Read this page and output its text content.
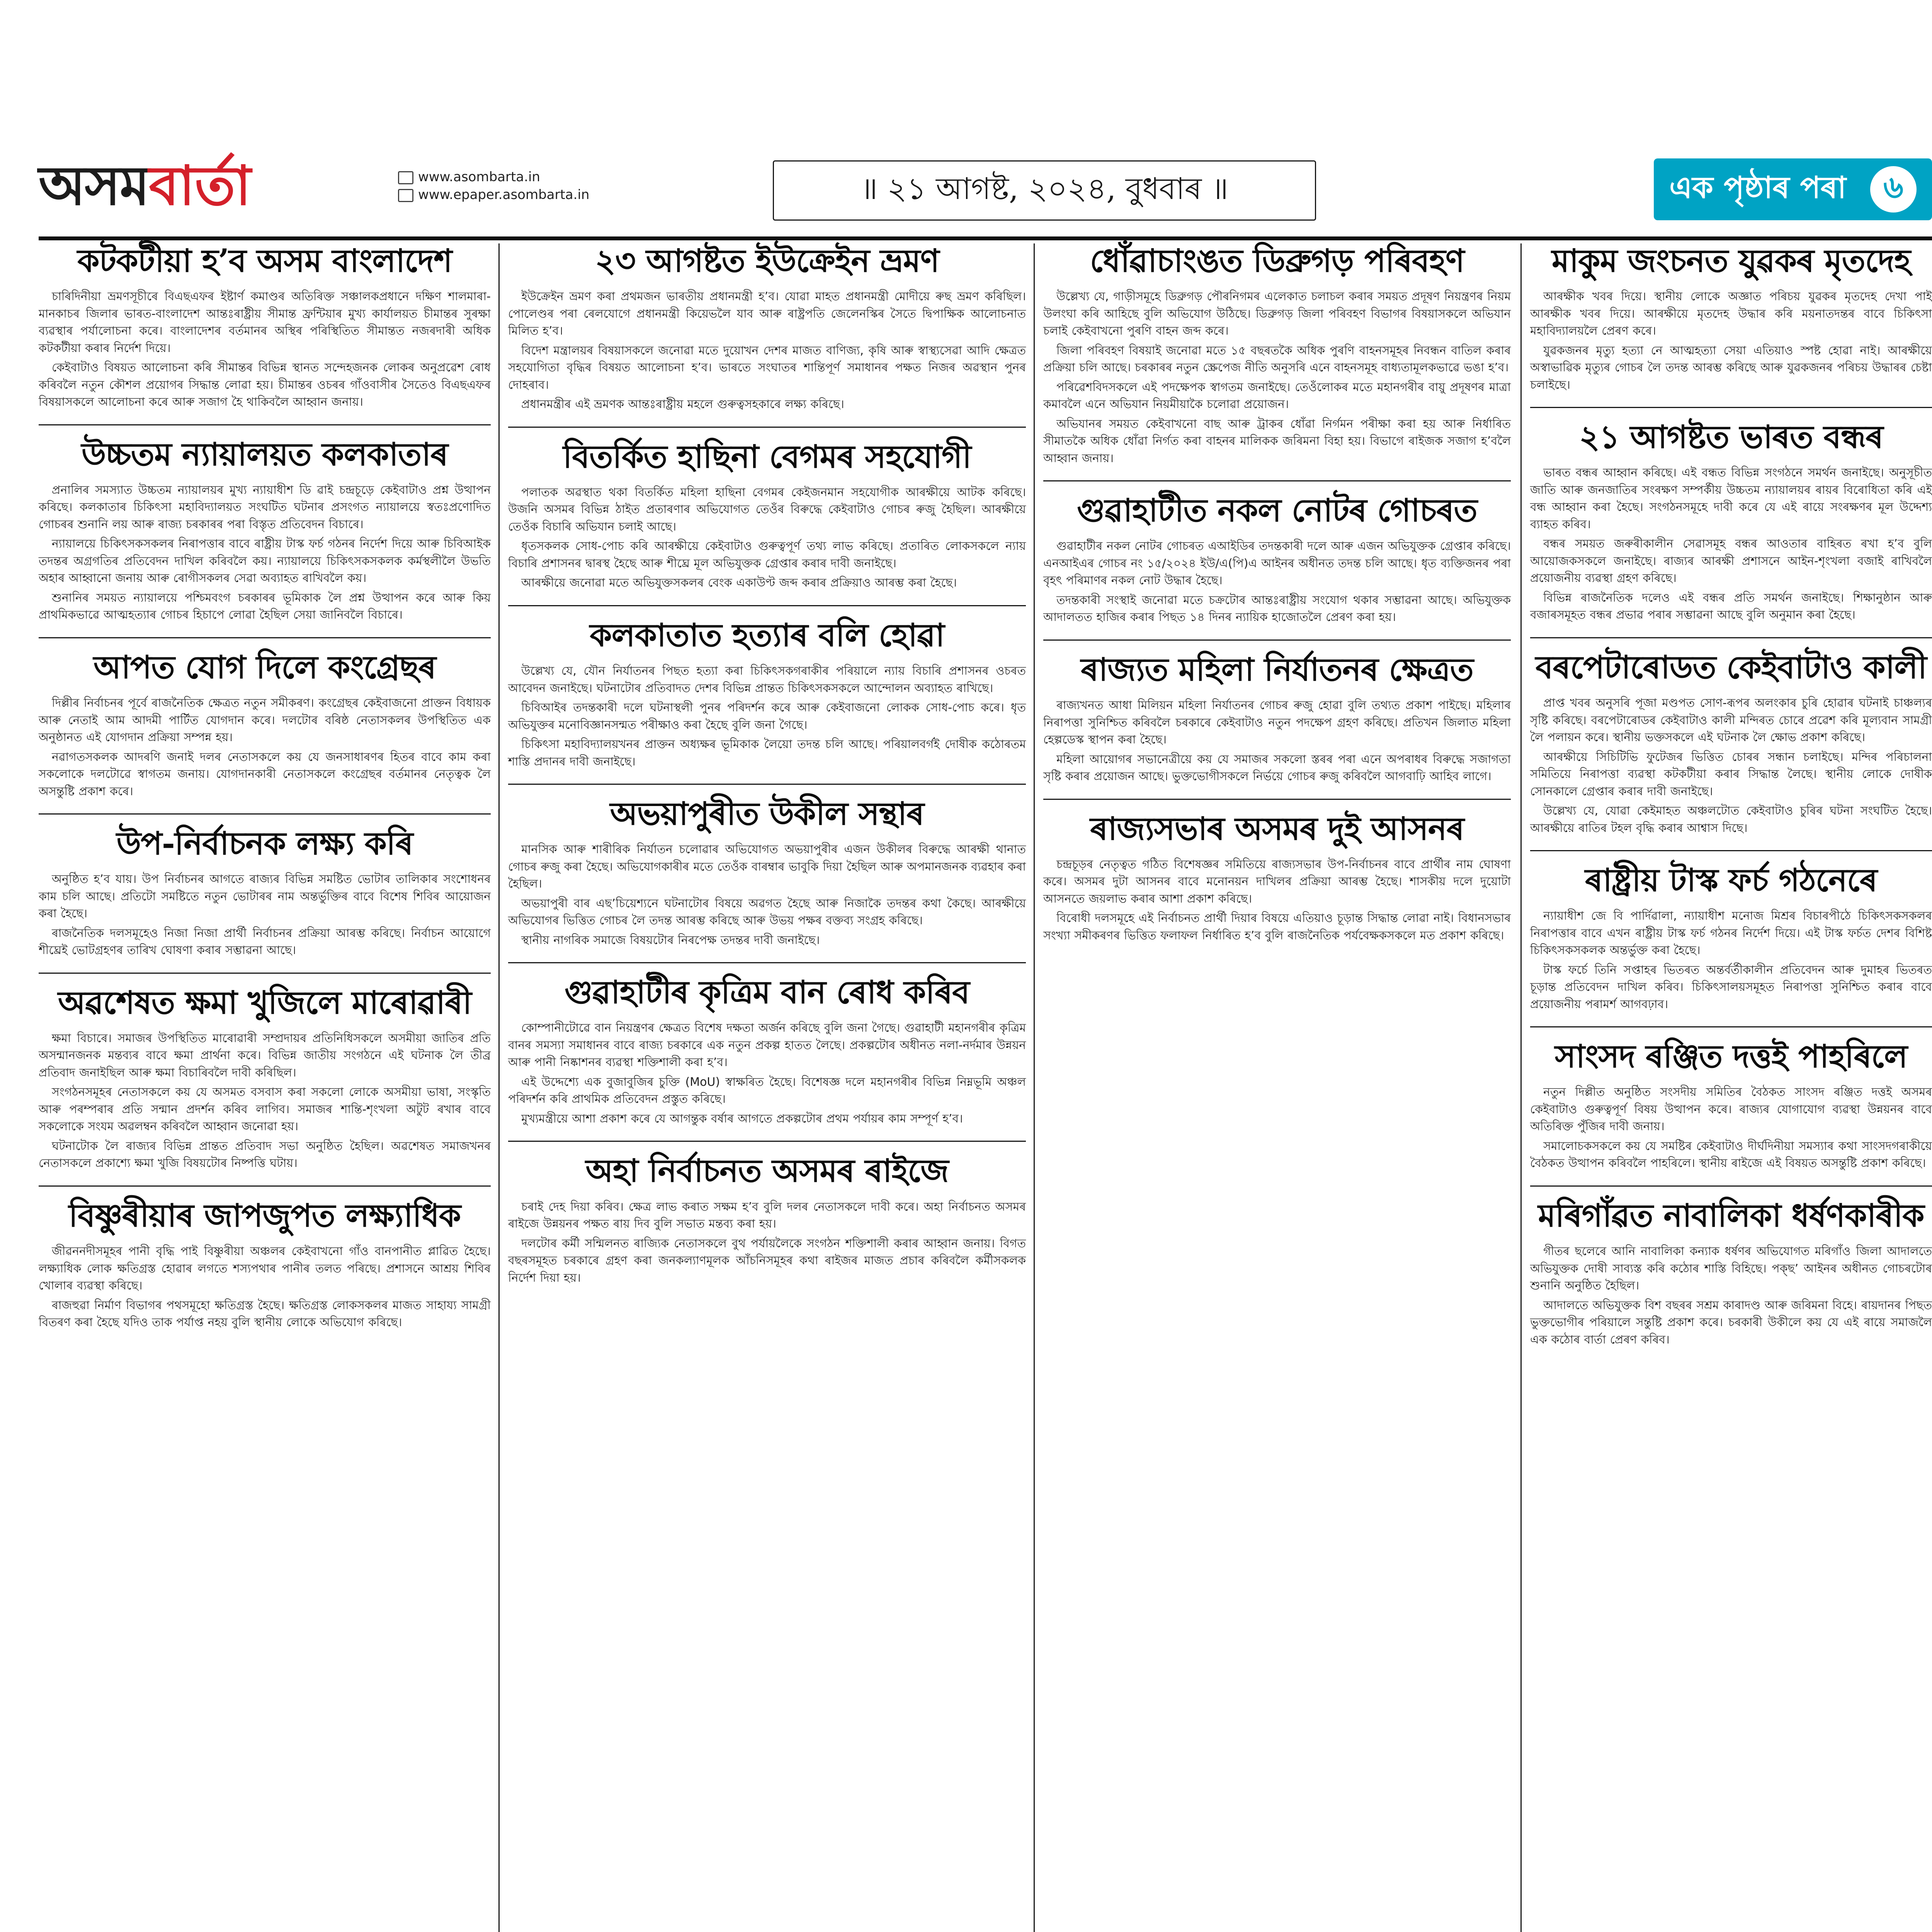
অসম বার্তা	www.asombarta.in
www.epaper.asombarta.in	॥ ২১ আগষ্ট, ২০২৪, বুধবাৰ ॥	এক পৃষ্ঠাৰ পৰা	৬
কটকটীয়া হ’ব অসম বাংলাদেশ

চাৰিদিনীয়া ভ্ৰমণসূচীৰে বিএছএফৰ ইষ্টাৰ্ণ কমাণ্ডৰ অতিৰিক্ত সঞ্চালকপ্ৰধানে দক্ষিণ শালমাৰা-মানকাচৰ জিলাৰ ভাৰত-বাংলাদেশ আন্তঃৰাষ্ট্ৰীয় সীমান্ত ফ্ৰন্টিয়াৰ মুখ্য কাৰ্যালয়ত চীমান্তৰ সুৰক্ষা ব্যৱস্থাৰ পৰ্যালোচনা কৰে। বাংলাদেশৰ বৰ্তমানৰ অস্থিৰ পৰিস্থিতিত সীমান্তত নজৰদাৰী অধিক কটকটীয়া কৰাৰ নিৰ্দেশ দিয়ে।

কেইবাটাও বিষয়ত আলোচনা কৰি সীমান্তৰ বিভিন্ন স্থানত সন্দেহজনক লোকৰ অনুপ্ৰৱেশ ৰোধ কৰিবলৈ নতুন কৌশল প্ৰয়োগৰ সিদ্ধান্ত লোৱা হয়। চীমান্তৰ ওচৰৰ গাঁওবাসীৰ সৈতেও বিএছএফৰ বিষয়াসকলে আলোচনা কৰে আৰু সজাগ হৈ থাকিবলৈ আহ্বান জনায়।

উচ্চতম ন্যায়ালয়ত কলকাতাৰ

প্ৰনালিৰ সমস্যাত উচ্চতম ন্যায়ালয়ৰ মুখ্য ন্যায়াধীশ ডি ৱাই চন্দ্ৰচূড়ে কেইবাটাও প্ৰশ্ন উত্থাপন কৰিছে। কলকাতাৰ চিকিৎসা মহাবিদ্যালয়ত সংঘটিত ঘটনাৰ প্ৰসংগত ন্যায়ালয়ে স্বতঃপ্ৰণোদিত গোচৰৰ শুনানি লয় আৰু ৰাজ্য চৰকাৰৰ পৰা বিস্তৃত প্ৰতিবেদন বিচাৰে।

ন্যায়ালয়ে চিকিৎসকসকলৰ নিৰাপত্তাৰ বাবে ৰাষ্ট্ৰীয় টাস্ক ফৰ্চ গঠনৰ নিৰ্দেশ দিয়ে আৰু চিবিআইক তদন্তৰ অগ্ৰগতিৰ প্ৰতিবেদন দাখিল কৰিবলৈ কয়। ন্যায়ালয়ে চিকিৎসকসকলক কৰ্মস্থলীলৈ উভতি অহাৰ আহ্বানো জনায় আৰু ৰোগীসকলৰ সেৱা অব্যাহত ৰাখিবলৈ কয়।

শুনানিৰ সময়ত ন্যায়ালয়ে পশ্চিমবংগ চৰকাৰৰ ভূমিকাক লৈ প্ৰশ্ন উত্থাপন কৰে আৰু কিয় প্ৰাথমিকভাৱে আত্মহত্যাৰ গোচৰ হিচাপে লোৱা হৈছিল সেয়া জানিবলৈ বিচাৰে।

আপত যোগ দিলে কংগ্ৰেছৰ

দিল্লীৰ নিৰ্বাচনৰ পূৰ্বে ৰাজনৈতিক ক্ষেত্ৰত নতুন সমীকৰণ। কংগ্ৰেছৰ কেইবাজনো প্ৰাক্তন বিধায়ক আৰু নেতাই আম আদমী পাৰ্টিত যোগদান কৰে। দলটোৰ বৰিষ্ঠ নেতাসকলৰ উপস্থিতিত এক অনুষ্ঠানত এই যোগদান প্ৰক্ৰিয়া সম্পন্ন হয়।

নৱাগতসকলক আদৰণি জনাই দলৰ নেতাসকলে কয় যে জনসাধাৰণৰ হিতৰ বাবে কাম কৰা সকলোকে দলটোৱে স্বাগতম জনায়। যোগদানকাৰী নেতাসকলে কংগ্ৰেছৰ বৰ্তমানৰ নেতৃত্বক লৈ অসন্তুষ্টি প্ৰকাশ কৰে।

উপ-নিৰ্বাচনক লক্ষ্য কৰি

অনুষ্ঠিত হ’ব যায়। উপ নিৰ্বাচনৰ আগতে ৰাজ্যৰ বিভিন্ন সমষ্টিত ভোটাৰ তালিকাৰ সংশোধনৰ কাম চলি আছে। প্ৰতিটো সমষ্টিতে নতুন ভোটাৰৰ নাম অন্তৰ্ভুক্তিৰ বাবে বিশেষ শিবিৰ আয়োজন কৰা হৈছে।

ৰাজনৈতিক দলসমূহেও নিজা নিজা প্ৰাৰ্থী নিৰ্বাচনৰ প্ৰক্ৰিয়া আৰম্ভ কৰিছে। নিৰ্বাচন আয়োগে শীঘ্ৰেই ভোটগ্ৰহণৰ তাৰিখ ঘোষণা কৰাৰ সম্ভাৱনা আছে।

অৱশেষত ক্ষমা খুজিলে মাৰোৱাৰী

ক্ষমা বিচাৰে। সমাজৰ উপস্থিতিত মাৰোৱাৰী সম্প্ৰদায়ৰ প্ৰতিনিধিসকলে অসমীয়া জাতিৰ প্ৰতি অসন্মানজনক মন্তব্যৰ বাবে ক্ষমা প্ৰাৰ্থনা কৰে। বিভিন্ন জাতীয় সংগঠনে এই ঘটনাক লৈ তীব্ৰ প্ৰতিবাদ জনাইছিল আৰু ক্ষমা বিচাৰিবলৈ দাবী কৰিছিল।

সংগঠনসমূহৰ নেতাসকলে কয় যে অসমত বসবাস কৰা সকলো লোকে অসমীয়া ভাষা, সংস্কৃতি আৰু পৰম্পৰাৰ প্ৰতি সন্মান প্ৰদৰ্শন কৰিব লাগিব। সমাজৰ শান্তি-শৃংখলা অটুট ৰখাৰ বাবে সকলোকে সংযম অৱলম্বন কৰিবলৈ আহ্বান জনোৱা হয়।

ঘটনাটোক লৈ ৰাজ্যৰ বিভিন্ন প্ৰান্তত প্ৰতিবাদ সভা অনুষ্ঠিত হৈছিল। অৱশেষত সমাজখনৰ নেতাসকলে প্ৰকাশ্যে ক্ষমা খুজি বিষয়টোৰ নিষ্পত্তি ঘটায়।

বিষ্ণুৰীয়াৰ জাপজুপত লক্ষ্যাধিক

জীৱননদীসমূহৰ পানী বৃদ্ধি পাই বিষ্ণুৰীয়া অঞ্চলৰ কেইবাখনো গাঁও বানপানীত প্লাৱিত হৈছে। লক্ষ্যাধিক লোক ক্ষতিগ্ৰস্ত হোৱাৰ লগতে শস্যপথাৰ পানীৰ তলত পৰিছে। প্ৰশাসনে আশ্ৰয় শিবিৰ খোলাৰ ব্যৱস্থা কৰিছে।

ৰাজহুৱা নিৰ্মাণ বিভাগৰ পথসমূহো ক্ষতিগ্ৰস্ত হৈছে। ক্ষতিগ্ৰস্ত লোকসকলৰ মাজত সাহায্য সামগ্ৰী বিতৰণ কৰা হৈছে যদিও তাক পৰ্যাপ্ত নহয় বুলি স্থানীয় লোকে অভিযোগ কৰিছে।

২৩ আগষ্টত ইউক্ৰেইন ভ্ৰমণ

ইউক্ৰেইন ভ্ৰমণ কৰা প্ৰথমজন ভাৰতীয় প্ৰধানমন্ত্ৰী হ’ব। যোৱা মাহত প্ৰধানমন্ত্ৰী মোদীয়ে ৰুছ ভ্ৰমণ কৰিছিল। পোলেণ্ডৰ পৰা ৰেলযোগে প্ৰধানমন্ত্ৰী কিয়েভলৈ যাব আৰু ৰাষ্ট্ৰপতি জেলেনস্কিৰ সৈতে দ্বিপাক্ষিক আলোচনাত মিলিত হ’ব।

বিদেশ মন্ত্ৰালয়ৰ বিষয়াসকলে জনোৱা মতে দুয়োখন দেশৰ মাজত বাণিজ্য, কৃষি আৰু স্বাস্থ্যসেৱা আদি ক্ষেত্ৰত সহযোগিতা বৃদ্ধিৰ বিষয়ত আলোচনা হ’ব। ভাৰতে সংঘাতৰ শান্তিপূৰ্ণ সমাধানৰ পক্ষত নিজৰ অৱস্থান পুনৰ দোহৰাব।

প্ৰধানমন্ত্ৰীৰ এই ভ্ৰমণক আন্তঃৰাষ্ট্ৰীয় মহলে গুৰুত্বসহকাৰে লক্ষ্য কৰিছে।

বিতৰ্কিত হাছিনা বেগমৰ সহযোগী

পলাতক অৱস্থাত থকা বিতৰ্কিত মহিলা হাছিনা বেগমৰ কেইজনমান সহযোগীক আৰক্ষীয়ে আটক কৰিছে। উজনি অসমৰ বিভিন্ন ঠাইত প্ৰতাৰণাৰ অভিযোগত তেওঁৰ বিৰুদ্ধে কেইবাটাও গোচৰ ৰুজু হৈছিল। আৰক্ষীয়ে তেওঁক বিচাৰি অভিযান চলাই আছে।

ধৃতসকলক সোধ-পোচ কৰি আৰক্ষীয়ে কেইবাটাও গুৰুত্বপূৰ্ণ তথ্য লাভ কৰিছে। প্ৰতাৰিত লোকসকলে ন্যায় বিচাৰি প্ৰশাসনৰ দ্বাৰস্থ হৈছে আৰু শীঘ্ৰে মূল অভিযুক্তক গ্ৰেপ্তাৰ কৰাৰ দাবী জনাইছে।

আৰক্ষীয়ে জনোৱা মতে অভিযুক্তসকলৰ বেংক একাউণ্ট জব্দ কৰাৰ প্ৰক্ৰিয়াও আৰম্ভ কৰা হৈছে।

কলকাতাত হত্যাৰ বলি হোৱা

উল্লেখ্য যে, যৌন নিৰ্যাতনৰ পিছত হত্যা কৰা চিকিৎসকগৰাকীৰ পৰিয়ালে ন্যায় বিচাৰি প্ৰশাসনৰ ওচৰত আবেদন জনাইছে। ঘটনাটোৰ প্ৰতিবাদত দেশৰ বিভিন্ন প্ৰান্তত চিকিৎসকসকলে আন্দোলন অব্যাহত ৰাখিছে।

চিবিআইৰ তদন্তকাৰী দলে ঘটনাস্থলী পুনৰ পৰিদৰ্শন কৰে আৰু কেইবাজনো লোকক সোধ-পোচ কৰে। ধৃত অভিযুক্তৰ মনোবিজ্ঞানসন্মত পৰীক্ষাও কৰা হৈছে বুলি জনা গৈছে।

চিকিৎসা মহাবিদ্যালয়খনৰ প্ৰাক্তন অধ্যক্ষৰ ভূমিকাক লৈয়ো তদন্ত চলি আছে। পৰিয়ালবৰ্গই দোষীক কঠোৰতম শাস্তি প্ৰদানৰ দাবী জনাইছে।

অভয়াপুৰীত উকীল সন্থাৰ

মানসিক আৰু শাৰীৰিক নিৰ্যাতন চলোৱাৰ অভিযোগত অভয়াপুৰীৰ এজন উকীলৰ বিৰুদ্ধে আৰক্ষী থানাত গোচৰ ৰুজু কৰা হৈছে। অভিযোগকাৰীৰ মতে তেওঁক বাৰম্বাৰ ভাবুকি দিয়া হৈছিল আৰু অপমানজনক ব্যৱহাৰ কৰা হৈছিল।

অভয়াপুৰী বাৰ এছ’চিয়েশ্যনে ঘটনাটোৰ বিষয়ে অৱগত হৈছে আৰু নিজাকৈ তদন্তৰ কথা কৈছে। আৰক্ষীয়ে অভিযোগৰ ভিত্তিত গোচৰ লৈ তদন্ত আৰম্ভ কৰিছে আৰু উভয় পক্ষৰ বক্তব্য সংগ্ৰহ কৰিছে।

স্থানীয় নাগৰিক সমাজে বিষয়টোৰ নিৰপেক্ষ তদন্তৰ দাবী জনাইছে।

গুৱাহাটীৰ কৃত্ৰিম বান ৰোধ কৰিব

কোম্পানীটোৱে বান নিয়ন্ত্ৰণৰ ক্ষেত্ৰত বিশেষ দক্ষতা অৰ্জন কৰিছে বুলি জনা গৈছে। গুৱাহাটী মহানগৰীৰ কৃত্ৰিম বানৰ সমস্যা সমাধানৰ বাবে ৰাজ্য চৰকাৰে এক নতুন প্ৰকল্প হাতত লৈছে। প্ৰকল্পটোৰ অধীনত নলা-নৰ্দমাৰ উন্নয়ন আৰু পানী নিষ্কাশনৰ ব্যৱস্থা শক্তিশালী কৰা হ’ব।

এই উদ্দেশ্যে এক বুজাবুজিৰ চুক্তি (MoU) স্বাক্ষৰিত হৈছে। বিশেষজ্ঞ দলে মহানগৰীৰ বিভিন্ন নিম্নভূমি অঞ্চল পৰিদৰ্শন কৰি প্ৰাথমিক প্ৰতিবেদন প্ৰস্তুত কৰিছে।

মুখ্যমন্ত্ৰীয়ে আশা প্ৰকাশ কৰে যে আগন্তুক বৰ্ষাৰ আগতে প্ৰকল্পটোৰ প্ৰথম পৰ্যায়ৰ কাম সম্পূৰ্ণ হ’ব।

অহা নিৰ্বাচনত অসমৰ ৰাইজে

চৰাই দেহ দিয়া কৰিব। ক্ষেত্ৰ লাভ কৰাত সক্ষম হ’ব বুলি দলৰ নেতাসকলে দাবী কৰে। অহা নিৰ্বাচনত অসমৰ ৰাইজে উন্নয়নৰ পক্ষত ৰায় দিব বুলি সভাত মন্তব্য কৰা হয়।

দলটোৰ কৰ্মী সন্মিলনত ৰাজ্যিক নেতাসকলে বুথ পৰ্যায়লৈকে সংগঠন শক্তিশালী কৰাৰ আহ্বান জনায়। বিগত বছৰসমূহত চৰকাৰে গ্ৰহণ কৰা জনকল্যাণমূলক আঁচনিসমূহৰ কথা ৰাইজৰ মাজত প্ৰচাৰ কৰিবলৈ কৰ্মীসকলক নিৰ্দেশ দিয়া হয়।

ধোঁৱাচাংঙত ডিব্ৰুগড় পৰিবহণ

উল্লেখ্য যে, গাড়ীসমূহে ডিব্ৰুগড় পৌৰনিগমৰ এলেকাত চলাচল কৰাৰ সময়ত প্ৰদূষণ নিয়ন্ত্ৰণৰ নিয়ম উলংঘা কৰি আহিছে বুলি অভিযোগ উঠিছে। ডিব্ৰুগড় জিলা পৰিবহণ বিভাগৰ বিষয়াসকলে অভিযান চলাই কেইবাখনো পুৰণি বাহন জব্দ কৰে।

জিলা পৰিবহণ বিষয়াই জনোৱা মতে ১৫ বছৰতকৈ অধিক পুৰণি বাহনসমূহৰ নিবন্ধন বাতিল কৰাৰ প্ৰক্ৰিয়া চলি আছে। চৰকাৰৰ নতুন স্ক্ৰেপেজ নীতি অনুসৰি এনে বাহনসমূহ বাধ্যতামূলকভাৱে ভঙা হ’ব।

পৰিৱেশবিদসকলে এই পদক্ষেপক স্বাগতম জনাইছে। তেওঁলোকৰ মতে মহানগৰীৰ বায়ু প্ৰদূষণৰ মাত্ৰা কমাবলৈ এনে অভিযান নিয়মীয়াকৈ চলোৱা প্ৰয়োজন।

অভিযানৰ সময়ত কেইবাখনো বাছ আৰু ট্ৰাকৰ ধোঁৱা নিৰ্গমন পৰীক্ষা কৰা হয় আৰু নিৰ্ধাৰিত সীমাতকৈ অধিক ধোঁৱা নিৰ্গত কৰা বাহনৰ মালিকক জৰিমনা বিহা হয়। বিভাগে ৰাইজক সজাগ হ’বলৈ আহ্বান জনায়।

গুৱাহাটীত নকল নোটৰ গোচৰত

গুৱাহাটীৰ নকল নোটৰ গোচৰত এআইডিৰ তদন্তকাৰী দলে আৰু এজন অভিযুক্তক গ্ৰেপ্তাৰ কৰিছে। এনআইএৰ গোচৰ নং ১৫/২০২৪ ইউ/এ(পি)এ আইনৰ অধীনত তদন্ত চলি আছে। ধৃত ব্যক্তিজনৰ পৰা বৃহৎ পৰিমাণৰ নকল নোট উদ্ধাৰ হৈছে।

তদন্তকাৰী সংস্থাই জনোৱা মতে চক্ৰটোৰ আন্তঃৰাষ্ট্ৰীয় সংযোগ থকাৰ সম্ভাৱনা আছে। অভিযুক্তক আদালতত হাজিৰ কৰাৰ পিছত ১৪ দিনৰ ন্যায়িক হাজোতলৈ প্ৰেৰণ কৰা হয়।

ৰাজ্যত মহিলা নিৰ্যাতনৰ ক্ষেত্ৰত

ৰাজ্যখনত আধা মিলিয়ন মহিলা নিৰ্যাতনৰ গোচৰ ৰুজু হোৱা বুলি তথ্যত প্ৰকাশ পাইছে। মহিলাৰ নিৰাপত্তা সুনিশ্চিত কৰিবলৈ চৰকাৰে কেইবাটাও নতুন পদক্ষেপ গ্ৰহণ কৰিছে। প্ৰতিখন জিলাত মহিলা হেল্পডেস্ক স্থাপন কৰা হৈছে।

মহিলা আয়োগৰ সভানেত্ৰীয়ে কয় যে সমাজৰ সকলো স্তৰৰ পৰা এনে অপৰাধৰ বিৰুদ্ধে সজাগতা সৃষ্টি কৰাৰ প্ৰয়োজন আছে। ভুক্তভোগীসকলে নিৰ্ভয়ে গোচৰ ৰুজু কৰিবলৈ আগবাঢ়ি আহিব লাগে।

ৰাজ্যসভাৰ অসমৰ দুই আসনৰ

চন্দ্ৰচূড়ৰ নেতৃত্বত গঠিত বিশেষজ্ঞৰ সমিতিয়ে ৰাজ্যসভাৰ উপ-নিৰ্বাচনৰ বাবে প্ৰাৰ্থীৰ নাম ঘোষণা কৰে। অসমৰ দুটা আসনৰ বাবে মনোনয়ন দাখিলৰ প্ৰক্ৰিয়া আৰম্ভ হৈছে। শাসকীয় দলে দুয়োটা আসনতে জয়লাভ কৰাৰ আশা প্ৰকাশ কৰিছে।

বিৰোধী দলসমূহে এই নিৰ্বাচনত প্ৰাৰ্থী দিয়াৰ বিষয়ে এতিয়াও চূড়ান্ত সিদ্ধান্ত লোৱা নাই। বিধানসভাৰ সংখ্যা সমীকৰণৰ ভিত্তিত ফলাফল নিৰ্ধাৰিত হ’ব বুলি ৰাজনৈতিক পৰ্যবেক্ষকসকলে মত প্ৰকাশ কৰিছে।

মাকুম জংচনত যুৱকৰ মৃতদেহ

আৰক্ষীক খবৰ দিয়ে। স্থানীয় লোকে অজ্ঞাত পৰিচয় যুৱকৰ মৃতদেহ দেখা পাই আৰক্ষীক খবৰ দিয়ে। আৰক্ষীয়ে মৃতদেহ উদ্ধাৰ কৰি ময়নাতদন্তৰ বাবে চিকিৎসা মহাবিদ্যালয়লৈ প্ৰেৰণ কৰে।

যুৱকজনৰ মৃত্যু হত্যা নে আত্মহত্যা সেয়া এতিয়াও স্পষ্ট হোৱা নাই। আৰক্ষীয়ে অস্বাভাৱিক মৃত্যুৰ গোচৰ লৈ তদন্ত আৰম্ভ কৰিছে আৰু যুৱকজনৰ পৰিচয় উদ্ধাৰৰ চেষ্টা চলাইছে।

২১ আগষ্টত ভাৰত বন্ধৰ

ভাৰত বন্ধৰ আহ্বান কৰিছে। এই বন্ধত বিভিন্ন সংগঠনে সমৰ্থন জনাইছে। অনুসূচীত জাতি আৰু জনজাতিৰ সংৰক্ষণ সম্পৰ্কীয় উচ্চতম ন্যায়ালয়ৰ ৰায়ৰ বিৰোধিতা কৰি এই বন্ধ আহ্বান কৰা হৈছে। সংগঠনসমূহে দাবী কৰে যে এই ৰায়ে সংৰক্ষণৰ মূল উদ্দেশ্য ব্যাহত কৰিব।

বন্ধৰ সময়ত জৰুৰীকালীন সেৱাসমূহ বন্ধৰ আওতাৰ বাহিৰত ৰখা হ’ব বুলি আয়োজকসকলে জনাইছে। ৰাজ্যৰ আৰক্ষী প্ৰশাসনে আইন-শৃংখলা বজাই ৰাখিবলৈ প্ৰয়োজনীয় ব্যৱস্থা গ্ৰহণ কৰিছে।

বিভিন্ন ৰাজনৈতিক দলেও এই বন্ধৰ প্ৰতি সমৰ্থন জনাইছে। শিক্ষানুষ্ঠান আৰু বজাৰসমূহত বন্ধৰ প্ৰভাৱ পৰাৰ সম্ভাৱনা আছে বুলি অনুমান কৰা হৈছে।

বৰপেটাৰোডত কেইবাটাও কালী

প্ৰাপ্ত খবৰ অনুসৰি পূজা মণ্ডপত সোণ-ৰূপৰ অলংকাৰ চুৰি হোৱাৰ ঘটনাই চাঞ্চল্যৰ সৃষ্টি কৰিছে। বৰপেটাৰোডৰ কেইবাটাও কালী মন্দিৰত চোৰে প্ৰৱেশ কৰি মূল্যবান সামগ্ৰী লৈ পলায়ন কৰে। স্থানীয় ভক্তসকলে এই ঘটনাক লৈ ক্ষোভ প্ৰকাশ কৰিছে।

আৰক্ষীয়ে সিচিটিভি ফুটেজৰ ভিত্তিত চোৰৰ সন্ধান চলাইছে। মন্দিৰ পৰিচালনা সমিতিয়ে নিৰাপত্তা ব্যৱস্থা কটকটীয়া কৰাৰ সিদ্ধান্ত লৈছে। স্থানীয় লোকে দোষীক সোনকালে গ্ৰেপ্তাৰ কৰাৰ দাবী জনাইছে।

উল্লেখ্য যে, যোৱা কেইমাহত অঞ্চলটোত কেইবাটাও চুৰিৰ ঘটনা সংঘটিত হৈছে। আৰক্ষীয়ে ৰাতিৰ টহল বৃদ্ধি কৰাৰ আশ্বাস দিছে।

ৰাষ্ট্ৰীয় টাস্ক ফৰ্চ গঠনেৰে

ন্যায়াধীশ জে বি পাৰ্দিৱালা, ন্যায়াধীশ মনোজ মিশ্ৰৰ বিচাৰপীঠে চিকিৎসকসকলৰ নিৰাপত্তাৰ বাবে এখন ৰাষ্ট্ৰীয় টাস্ক ফৰ্চ গঠনৰ নিৰ্দেশ দিয়ে। এই টাস্ক ফৰ্চত দেশৰ বিশিষ্ট চিকিৎসকসকলক অন্তৰ্ভুক্ত কৰা হৈছে।

টাস্ক ফৰ্চে তিনি সপ্তাহৰ ভিতৰত অন্তৰ্বৰ্তীকালীন প্ৰতিবেদন আৰু দুমাহৰ ভিতৰত চূড়ান্ত প্ৰতিবেদন দাখিল কৰিব। চিকিৎসালয়সমূহত নিৰাপত্তা সুনিশ্চিত কৰাৰ বাবে প্ৰয়োজনীয় পৰামৰ্শ আগবঢ়াব।

সাংসদ ৰঞ্জিত দত্তই পাহৰিলে

নতুন দিল্লীত অনুষ্ঠিত সংসদীয় সমিতিৰ বৈঠকত সাংসদ ৰঞ্জিত দত্তই অসমৰ কেইবাটাও গুৰুত্বপূৰ্ণ বিষয় উত্থাপন কৰে। ৰাজ্যৰ যোগাযোগ ব্যৱস্থা উন্নয়নৰ বাবে অতিৰিক্ত পুঁজিৰ দাবী জনায়।

সমালোচকসকলে কয় যে সমষ্টিৰ কেইবাটাও দীৰ্ঘদিনীয়া সমস্যাৰ কথা সাংসদগৰাকীয়ে বৈঠকত উত্থাপন কৰিবলৈ পাহৰিলে। স্থানীয় ৰাইজে এই বিষয়ত অসন্তুষ্টি প্ৰকাশ কৰিছে।

মৰিগাঁৱত নাবালিকা ধৰ্ষণকাৰীক

গীতৰ ছলেৰে আনি নাবালিকা কন্যাক ধৰ্ষণৰ অভিযোগত মৰিগাঁও জিলা আদালতে অভিযুক্তক দোষী সাব্যস্ত কৰি কঠোৰ শাস্তি বিহিছে। পক্‌ছ’ আইনৰ অধীনত গোচৰটোৰ শুনানি অনুষ্ঠিত হৈছিল।

আদালতে অভিযুক্তক বিশ বছৰৰ সশ্ৰম কাৰাদণ্ড আৰু জৰিমনা বিহে। ৰায়দানৰ পিছত ভুক্তভোগীৰ পৰিয়ালে সন্তুষ্টি প্ৰকাশ কৰে। চৰকাৰী উকীলে কয় যে এই ৰায়ে সমাজলৈ এক কঠোৰ বাৰ্তা প্ৰেৰণ কৰিব।
